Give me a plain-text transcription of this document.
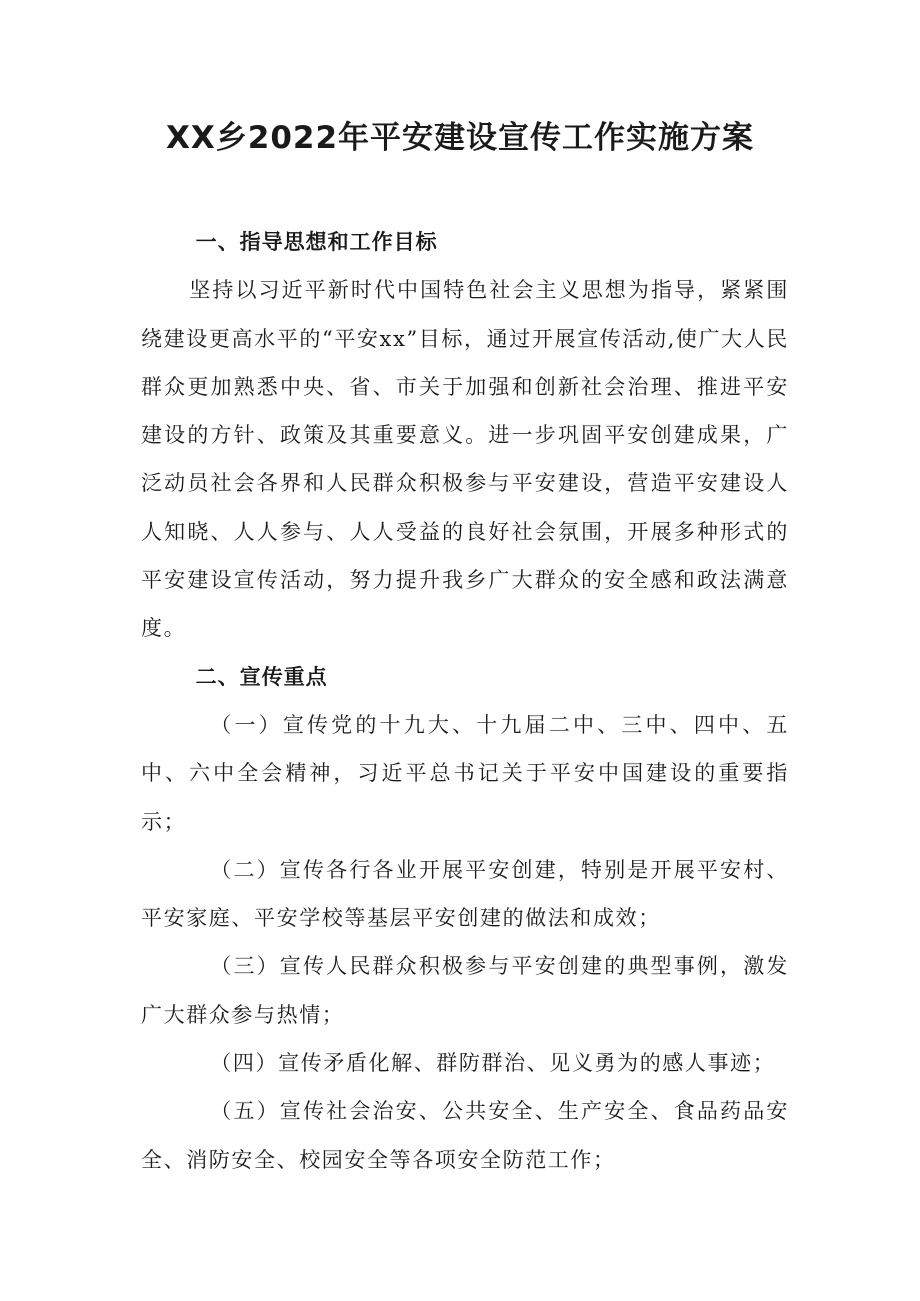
XX乡2022年平安建设宣传工作实施方案
一、指导思想和工作目标

坚持以习近平新时代中国特色社会主义思想为指导，紧紧围绕建设更高水平的“平安xx”目标，通过开展宣传活动,使广大人民群众更加熟悉中央、省、市关于加强和创新社会治理、推进平安建设的方针、政策及其重要意义。进一步巩固平安创建成果，广泛动员社会各界和人民群众积极参与平安建设，营造平安建设人人知晓、人人参与、人人受益的良好社会氛围，开展多种形式的平安建设宣传活动，努力提升我乡广大群众的安全感和政法满意度。

二、宣传重点

（一）宣传党的十九大、十九届二中、三中、四中、五中、六中全会精神，习近平总书记关于平安中国建设的重要指示；

（二）宣传各行各业开展平安创建，特别是开展平安村、平安家庭、平安学校等基层平安创建的做法和成效；

（三）宣传人民群众积极参与平安创建的典型事例，激发广大群众参与热情；

（四）宣传矛盾化解、群防群治、见义勇为的感人事迹；

（五）宣传社会治安、公共安全、生产安全、食品药品安全、消防安全、校园安全等各项安全防范工作；
